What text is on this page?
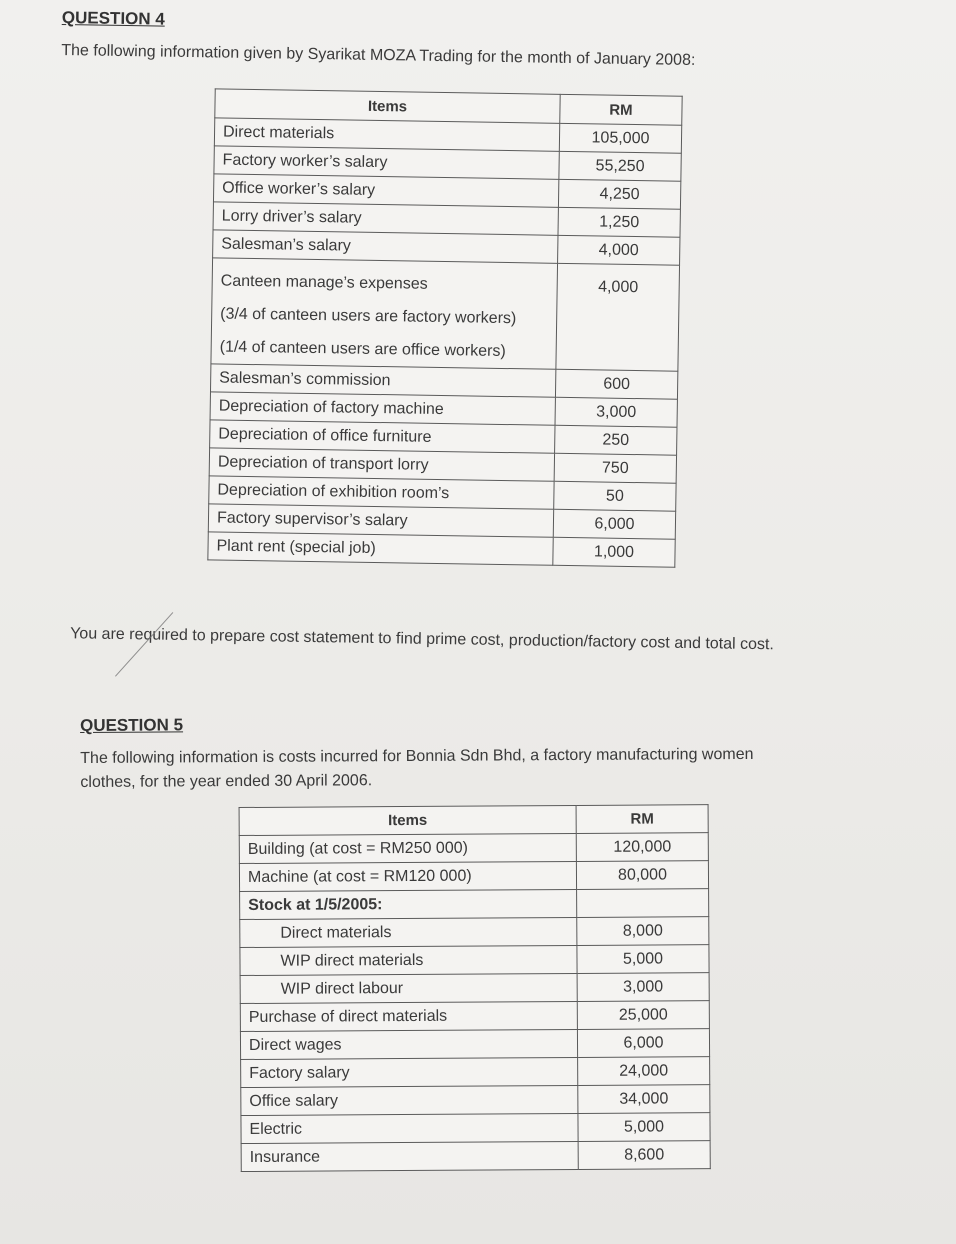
QUESTION 4

The following information given by Syarikat MOZA Trading for the month of January 2008:

Items	RM
Direct materials	105,000
Factory worker’s salary	55,250
Office worker’s salary	4,250
Lorry driver’s salary	1,250
Salesman’s salary	4,000

Canteen manage’s expenses
(3/4 of canteen users are factory workers)
(1/4 of canteen users are office workers)	4,000
Salesman’s commission	600
Depreciation of factory machine	3,000
Depreciation of office furniture	250
Depreciation of transport lorry	750
Depreciation of exhibition room’s	50
Factory supervisor’s salary	6,000
Plant rent (special job)	1,000

You are required to prepare cost statement to find prime cost, production/factory cost and total cost.

QUESTION 5

The following information is costs incurred for Bonnia Sdn Bhd, a factory manufacturing women

clothes, for the year ended 30 April 2006.

Items	RM
Building (at cost = RM250 000)	120,000
Machine (at cost = RM120 000)	80,000
Stock at 1/5/2005:	
Direct materials	8,000
WIP direct materials	5,000
WIP direct labour	3,000
Purchase of direct materials	25,000
Direct wages	6,000
Factory salary	24,000
Office salary	34,000
Electric	5,000
Insurance	8,600
